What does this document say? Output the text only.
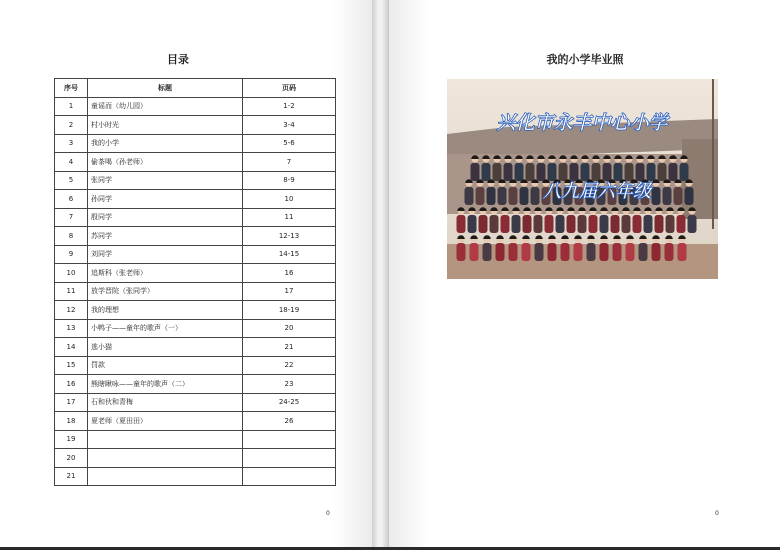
目录
序号	标题	页码
1	童谣而（幼儿园）	1-2
2	村小时光	3-4
3	我的小学	5-6
4	偷茶喝（孙老师）	7
5	张同学	8-9
6	孙同学	10
7	殷同学	11
8	苏同学	12-13
9	刘同学	14-15
10	追斯科（张老师）	16
11	放学晋院（张同学）	17
12	我的理想	18-19
13	小鸭子——童年的歌声（一）	20
14	逃小猫	21
15	罚款	22
16	熊瞎瞅咏——童年的歌声（二）	23
17	石和伙和青梅	24-25
18	夏老师（夏田田）	26
19		
20		
21		
0
我的小学毕业照
兴化市永丰中心小学
八九届六年级
0
